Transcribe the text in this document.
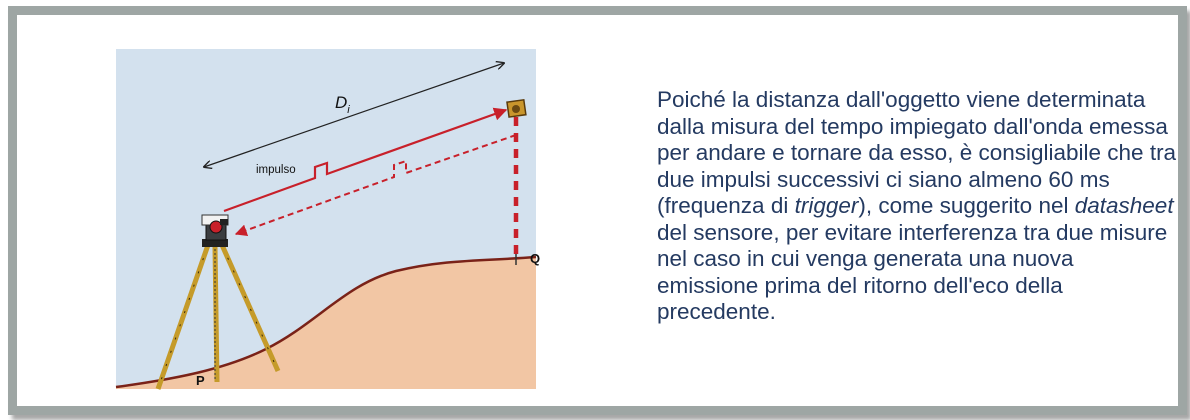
$D_i$
impulso
Q
P

Poiché la distanza dall'oggetto viene determinata dalla misura del tempo impiegato dall'onda emessa per andare e tornare da esso, è consigliabile che tra due impulsi successivi ci siano almeno 60 ms (frequenza di trigger), come suggerito nel datasheet del sensore, per evitare interferenza tra due misure nel caso in cui venga generata una nuova emissione prima del ritorno dell'eco della precedente.
